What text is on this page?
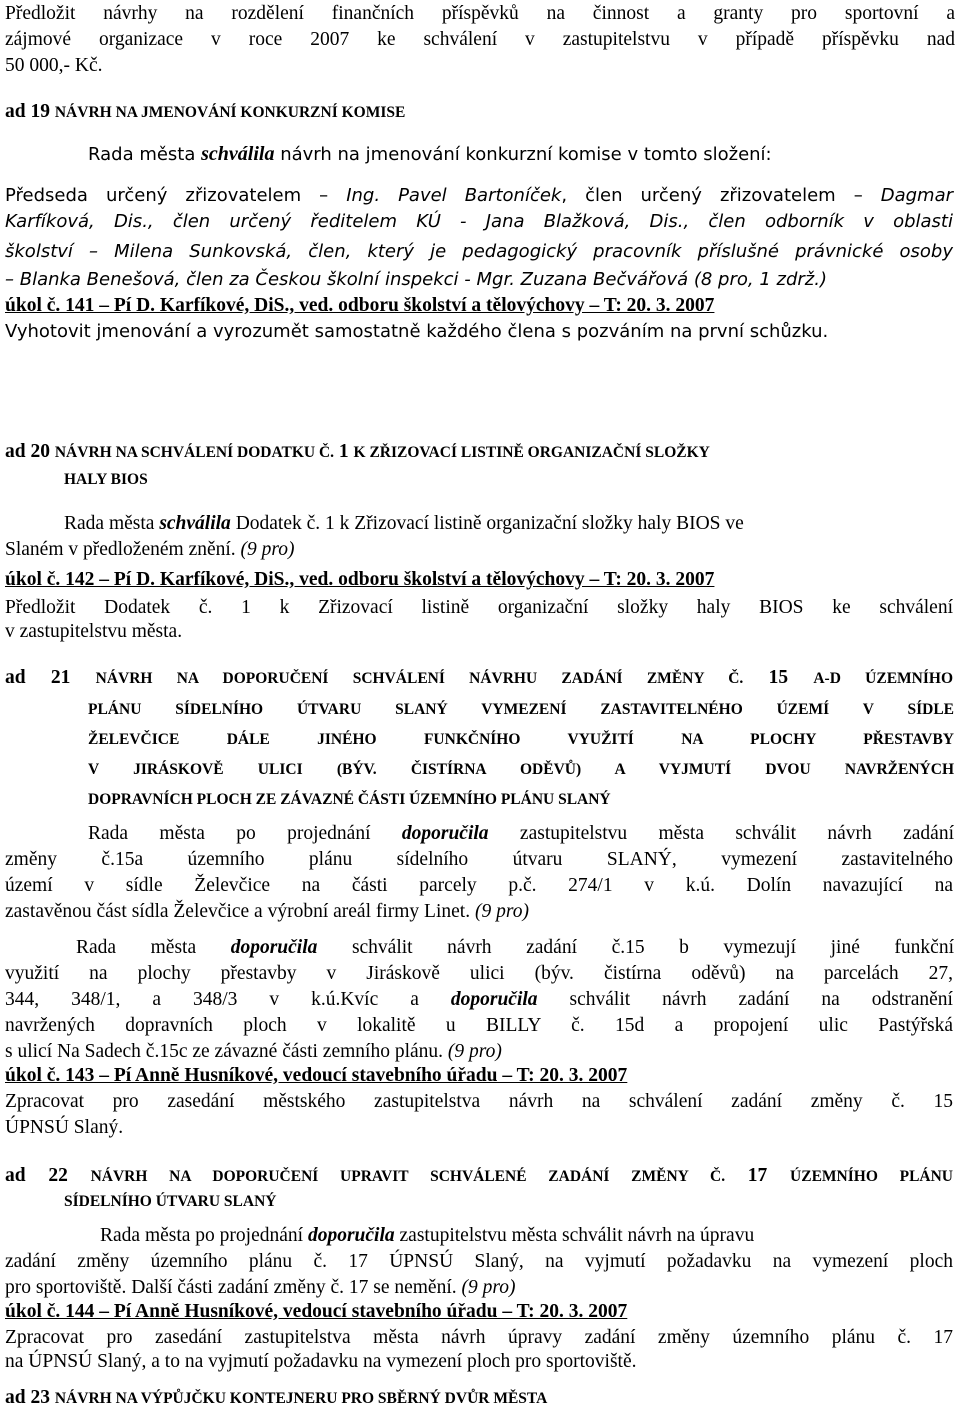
Předložit návrhy na rozdělení finančních příspěvků na činnost a granty pro sportovní a
zájmové organizace v roce 2007 ke schválení v zastupitelstvu v případě příspěvku nad
50 000,- Kč.
ad 19 NÁVRH NA JMENOVÁNÍ KONKURZNÍ KOMISE
Rada města schválila návrh na jmenování konkurzní komise v tomto složení:
Předseda určený zřizovatelem – Ing. Pavel Bartoníček, člen určený zřizovatelem – Dagmar
Karfíková, Dis., člen určený ředitelem KÚ - Jana Blažková, Dis., člen odborník v oblasti
školství – Milena Sunkovská, člen, který je pedagogický pracovník příslušné právnické osoby
– Blanka Benešová, člen za Českou školní inspekci - Mgr. Zuzana Bečvářová (8 pro, 1 zdrž.)
úkol č. 141 – Pí D. Karfíkové, DiS., ved. odboru školství a tělovýchovy – T: 20. 3. 2007
Vyhotovit jmenování a vyrozumět samostatně každého člena s pozváním na první schůzku.
ad 20 NÁVRH NA SCHVÁLENÍ DODATKU Č. 1 K ZŘIZOVACÍ LISTINĚ ORGANIZAČNÍ SLOŽKY
HALY BIOS
Rada města schválila Dodatek č. 1 k Zřizovací listině organizační složky haly BIOS ve
Slaném v předloženém znění. (9 pro)
úkol č. 142 – Pí D. Karfíkové, DiS., ved. odboru školství a tělovýchovy – T: 20. 3. 2007
Předložit Dodatek č. 1 k Zřizovací listině organizační složky haly BIOS ke schválení
v zastupitelstvu města.
ad 21 NÁVRH NA DOPORUČENÍ SCHVÁLENÍ NÁVRHU ZADÁNÍ ZMĚNY Č. 15 A-D ÚZEMNÍHO
PLÁNU SÍDELNÍHO ÚTVARU SLANÝ VYMEZENÍ ZASTAVITELNÉHO ÚZEMÍ V SÍDLE
ŽELEVČICE DÁLE JINÉHO FUNKČNÍHO VYUŽITÍ NA PLOCHY PŘESTAVBY
V JIRÁSKOVĚ ULICI (BÝV. ČISTÍRNA ODĚVŮ) A VYJMUTÍ DVOU NAVRŽENÝCH
DOPRAVNÍCH PLOCH ZE ZÁVAZNÉ ČÁSTI ÚZEMNÍHO PLÁNU SLANÝ
Rada města po projednání doporučila zastupitelstvu města schválit návrh zadání
změny č.15a územního plánu sídelního útvaru SLANÝ, vymezení zastavitelného
území v sídle Želevčice na části parcely p.č. 274/1 v k.ú. Dolín navazující na
zastavěnou část sídla Želevčice a výrobní areál firmy Linet. (9 pro)
Rada města doporučila schválit návrh zadání č.15 b vymezují jiné funkční
využití na plochy přestavby v Jiráskově ulici (býv. čistírna oděvů) na parcelách 27,
344, 348/1, a 348/3 v k.ú.Kvíc a doporučila schválit návrh zadání na odstranění
navržených dopravních ploch v lokalitě u BILLY č. 15d a propojení ulic Pastýřská
s ulicí Na Sadech č.15c ze závazné části zemního plánu. (9 pro)
úkol č. 143 – Pí Anně Husníkové, vedoucí stavebního úřadu – T: 20. 3. 2007
Zpracovat pro zasedání městského zastupitelstva návrh na schválení zadání změny č. 15
ÚPNSÚ Slaný.
ad 22 NÁVRH NA DOPORUČENÍ UPRAVIT SCHVÁLENÉ ZADÁNÍ ZMĚNY Č. 17 ÚZEMNÍHO PLÁNU
SÍDELNÍHO ÚTVARU SLANÝ
Rada města po projednání doporučila zastupitelstvu města schválit návrh na úpravu
zadání změny územního plánu č. 17 ÚPNSÚ Slaný, na vyjmutí požadavku na vymezení ploch
pro sportoviště. Další části zadání změny č. 17 se nemění. (9 pro)
úkol č. 144 – Pí Anně Husníkové, vedoucí stavebního úřadu – T: 20. 3. 2007
Zpracovat pro zasedání zastupitelstva města návrh úpravy zadání změny územního plánu č. 17
na ÚPNSÚ Slaný, a to na vyjmutí požadavku na vymezení ploch pro sportoviště.
ad 23 NÁVRH NA VÝPŮJČKU KONTEJNERU PRO SBĚRNÝ DVŮR MĚSTA
